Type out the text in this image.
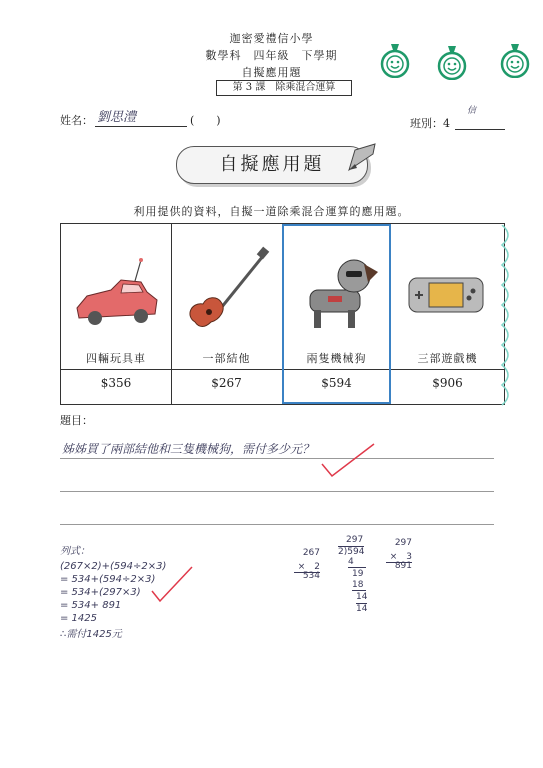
迦密愛禮信小學
數學科　四年級　下學期
自擬應用題
第 3 課　除乘混合運算
姓名： 劉思澧	(　　)	班別：4
信
自擬應用題
利用提供的資料，自擬一道除乘混合運算的應用題。
四輛玩具車
$356
一部結他
$267
兩隻機械狗
$594
三部遊戲機
$906
題目：
姊姊買了兩部結他和三隻機械狗，需付多少元？
列式：
(267×2)+(594÷2×3)
= 534+(594÷2×3)
= 534+(297×3)
= 534+ 891
= 1425
∴需付1425元
267
×　2
534
297
2)594
4
19
18
14
14
297
×　3
891
